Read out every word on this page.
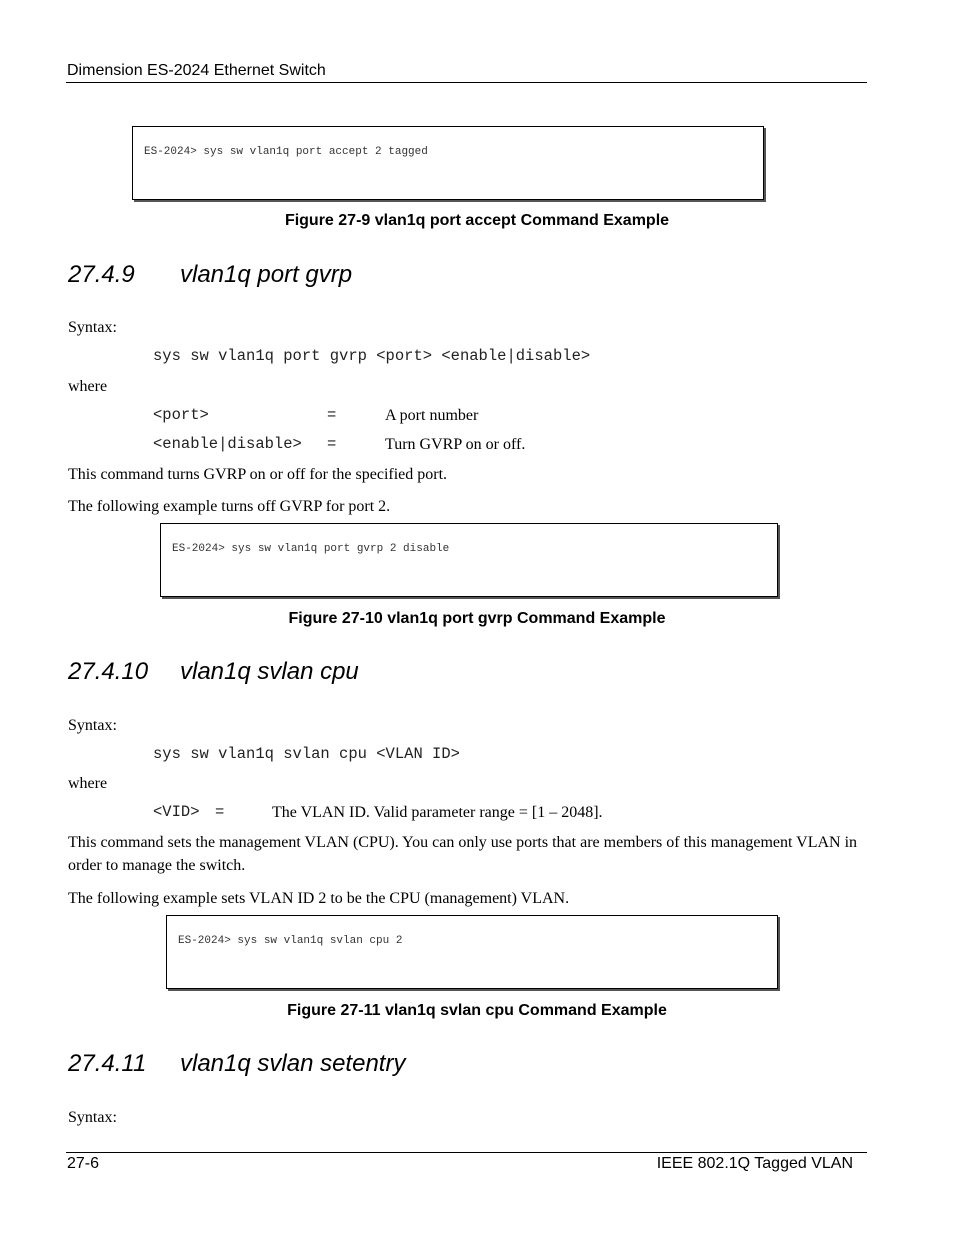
Dimension ES-2024 Ethernet Switch
ES-2024> sys sw vlan1q port accept 2 tagged
Figure 27-9 vlan1q port accept Command Example
27.4.9 vlan1q port gvrp
Syntax:
sys sw vlan1q port gvrp <port> <enable|disable>
where
<port>	=	A port number
<enable|disable> =	Turn GVRP on or off.
This command turns GVRP on or off for the specified port.
The following example turns off GVRP for port 2.
ES-2024> sys sw vlan1q port gvrp 2 disable
Figure 27-10 vlan1q port gvrp Command Example
27.4.10 vlan1q svlan cpu
Syntax:
sys sw vlan1q svlan cpu <VLAN ID>
where
<VID> =	The VLAN ID. Valid parameter range = [1 – 2048].
This command sets the management VLAN (CPU). You can only use ports that are members of this management VLAN in order to manage the switch.
The following example sets VLAN ID 2 to be the CPU (management) VLAN.
ES-2024> sys sw vlan1q svlan cpu 2
Figure 27-11 vlan1q svlan cpu Command Example
27.4.11 vlan1q svlan setentry
Syntax:
27-6	IEEE 802.1Q Tagged VLAN
